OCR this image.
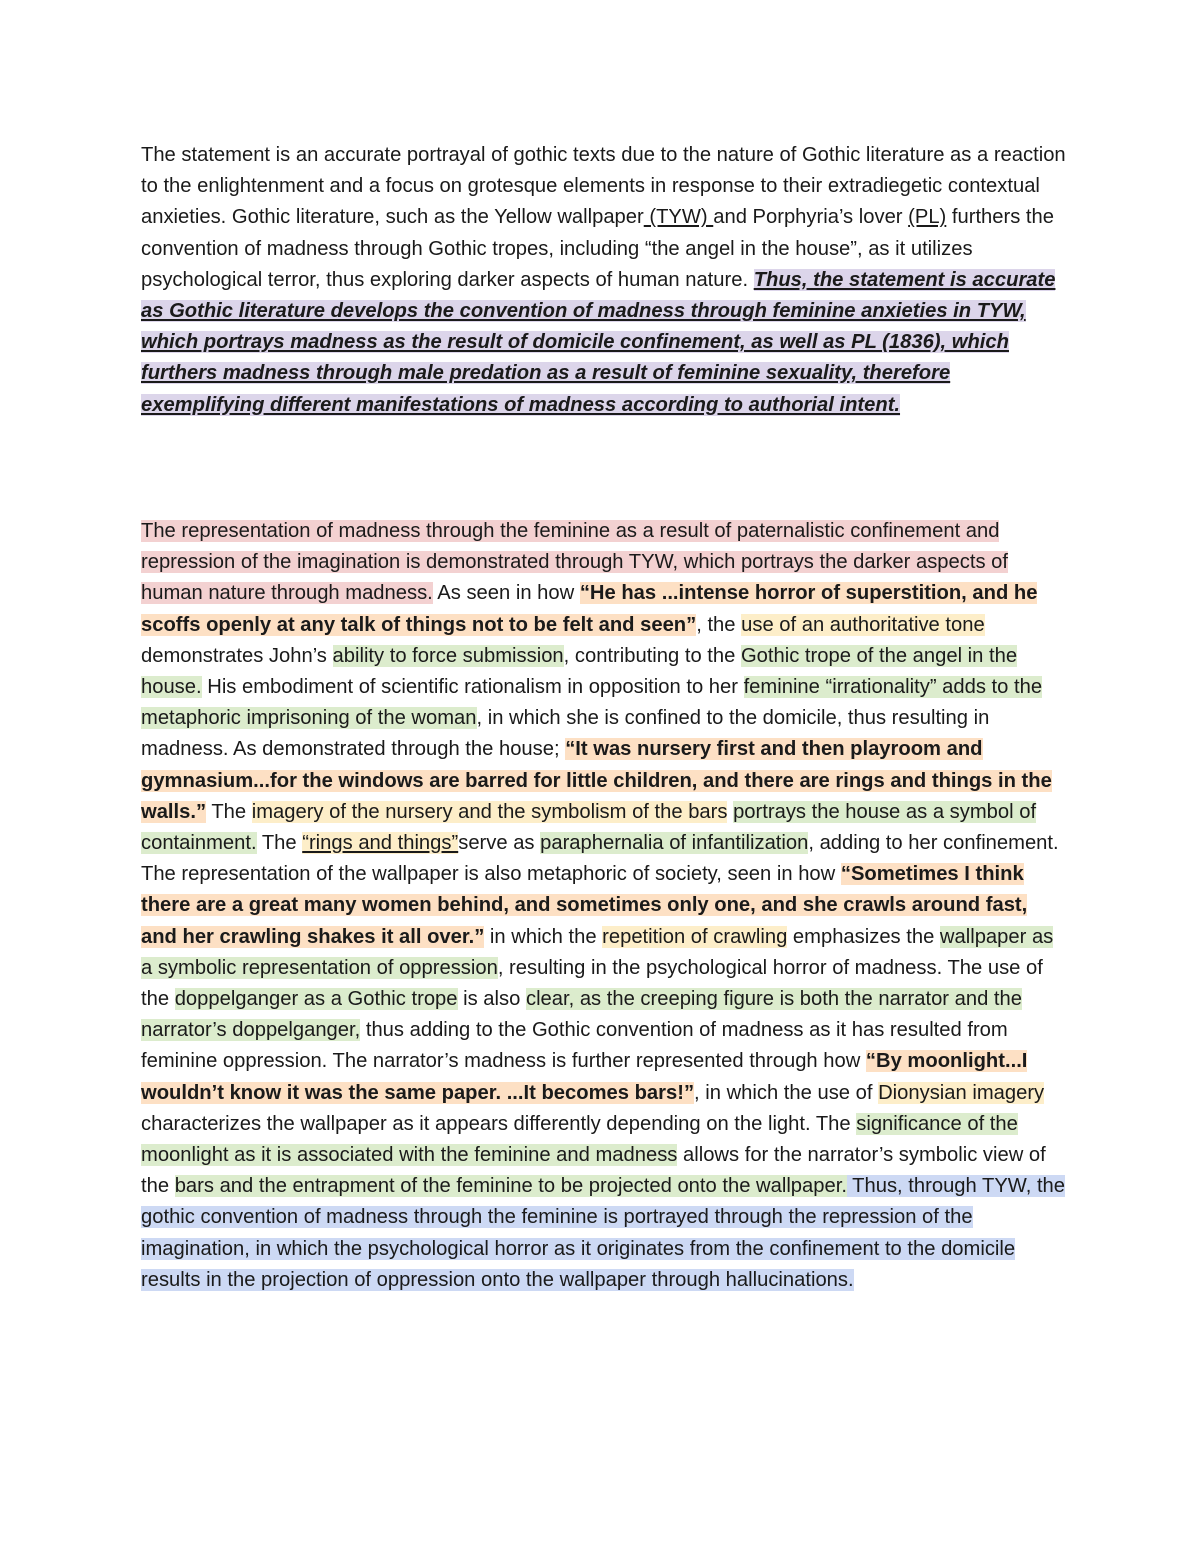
The statement is an accurate portrayal of gothic texts due to the nature of Gothic literature as a reaction to the enlightenment and a focus on grotesque elements in response to their extradiegetic contextual anxieties. Gothic literature, such as the Yellow wallpaper (TYW) and Porphyria’s lover (PL) furthers the convention of madness through Gothic tropes, including “the angel in the house”, as it utilizes psychological terror, thus exploring darker aspects of human nature. Thus, the statement is accurate as Gothic literature develops the convention of madness through feminine anxieties in TYW, which portrays madness as the result of domicile confinement, as well as PL (1836), which furthers madness through male predation as a result of feminine sexuality, therefore exemplifying different manifestations of madness according to authorial intent.

The representation of madness through the feminine as a result of paternalistic confinement and repression of the imagination is demonstrated through TYW, which portrays the darker aspects of human nature through madness. As seen in how “He has ...intense horror of superstition, and he scoffs openly at any talk of things not to be felt and seen”, the use of an authoritative tone demonstrates John’s ability to force submission, contributing to the Gothic trope of the angel in the house. His embodiment of scientific rationalism in opposition to her feminine “irrationality” adds to the metaphoric imprisoning of the woman, in which she is confined to the domicile, thus resulting in madness. As demonstrated through the house; “It was nursery first and then playroom and gymnasium...for the windows are barred for little children, and there are rings and things in the walls.” The imagery of the nursery and the symbolism of the bars portrays the house as a symbol of containment. The “rings and things”serve as paraphernalia of infantilization, adding to her confinement. The representation of the wallpaper is also metaphoric of society, seen in how “Sometimes I think there are a great many women behind, and sometimes only one, and she crawls around fast, and her crawling shakes it all over.” in which the repetition of crawling emphasizes the wallpaper as a symbolic representation of oppression, resulting in the psychological horror of madness. The use of the doppelganger as a Gothic trope is also clear, as the creeping figure is both the narrator and the narrator’s doppelganger, thus adding to the Gothic convention of madness as it has resulted from feminine oppression. The narrator’s madness is further represented through how “By moonlight...I wouldn’t know it was the same paper. ...It becomes bars!”, in which the use of Dionysian imagery characterizes the wallpaper as it appears differently depending on the light. The significance of the moonlight as it is associated with the feminine and madness allows for the narrator’s symbolic view of the bars and the entrapment of the feminine to be projected onto the wallpaper. Thus, through TYW, the gothic convention of madness through the feminine is portrayed through the repression of the imagination, in which the psychological horror as it originates from the confinement to the domicile results in the projection of oppression onto the wallpaper through hallucinations.
